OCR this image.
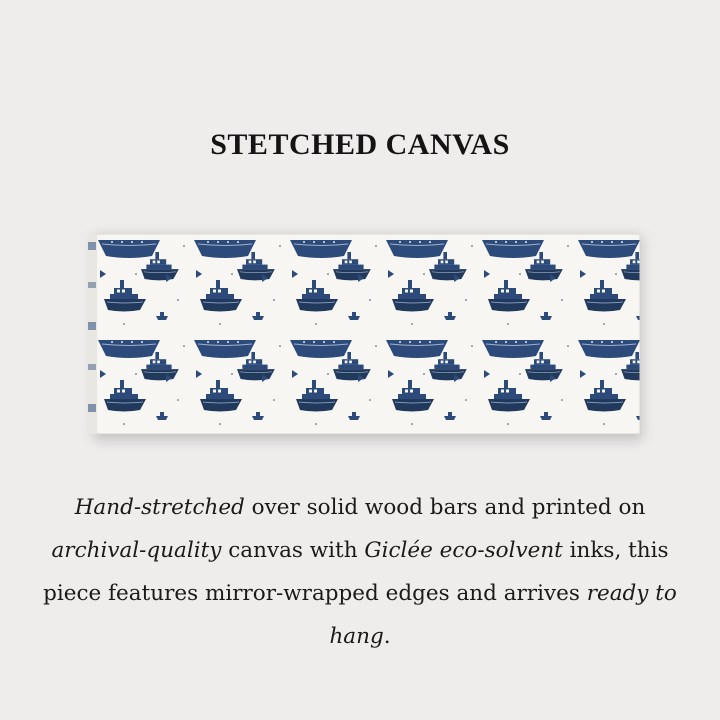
STETCHED CANVAS

Hand-stretched over solid wood bars and printed on archival-quality canvas with Giclée eco-solvent inks, this piece features mirror-wrapped edges and arrives ready to hang.
